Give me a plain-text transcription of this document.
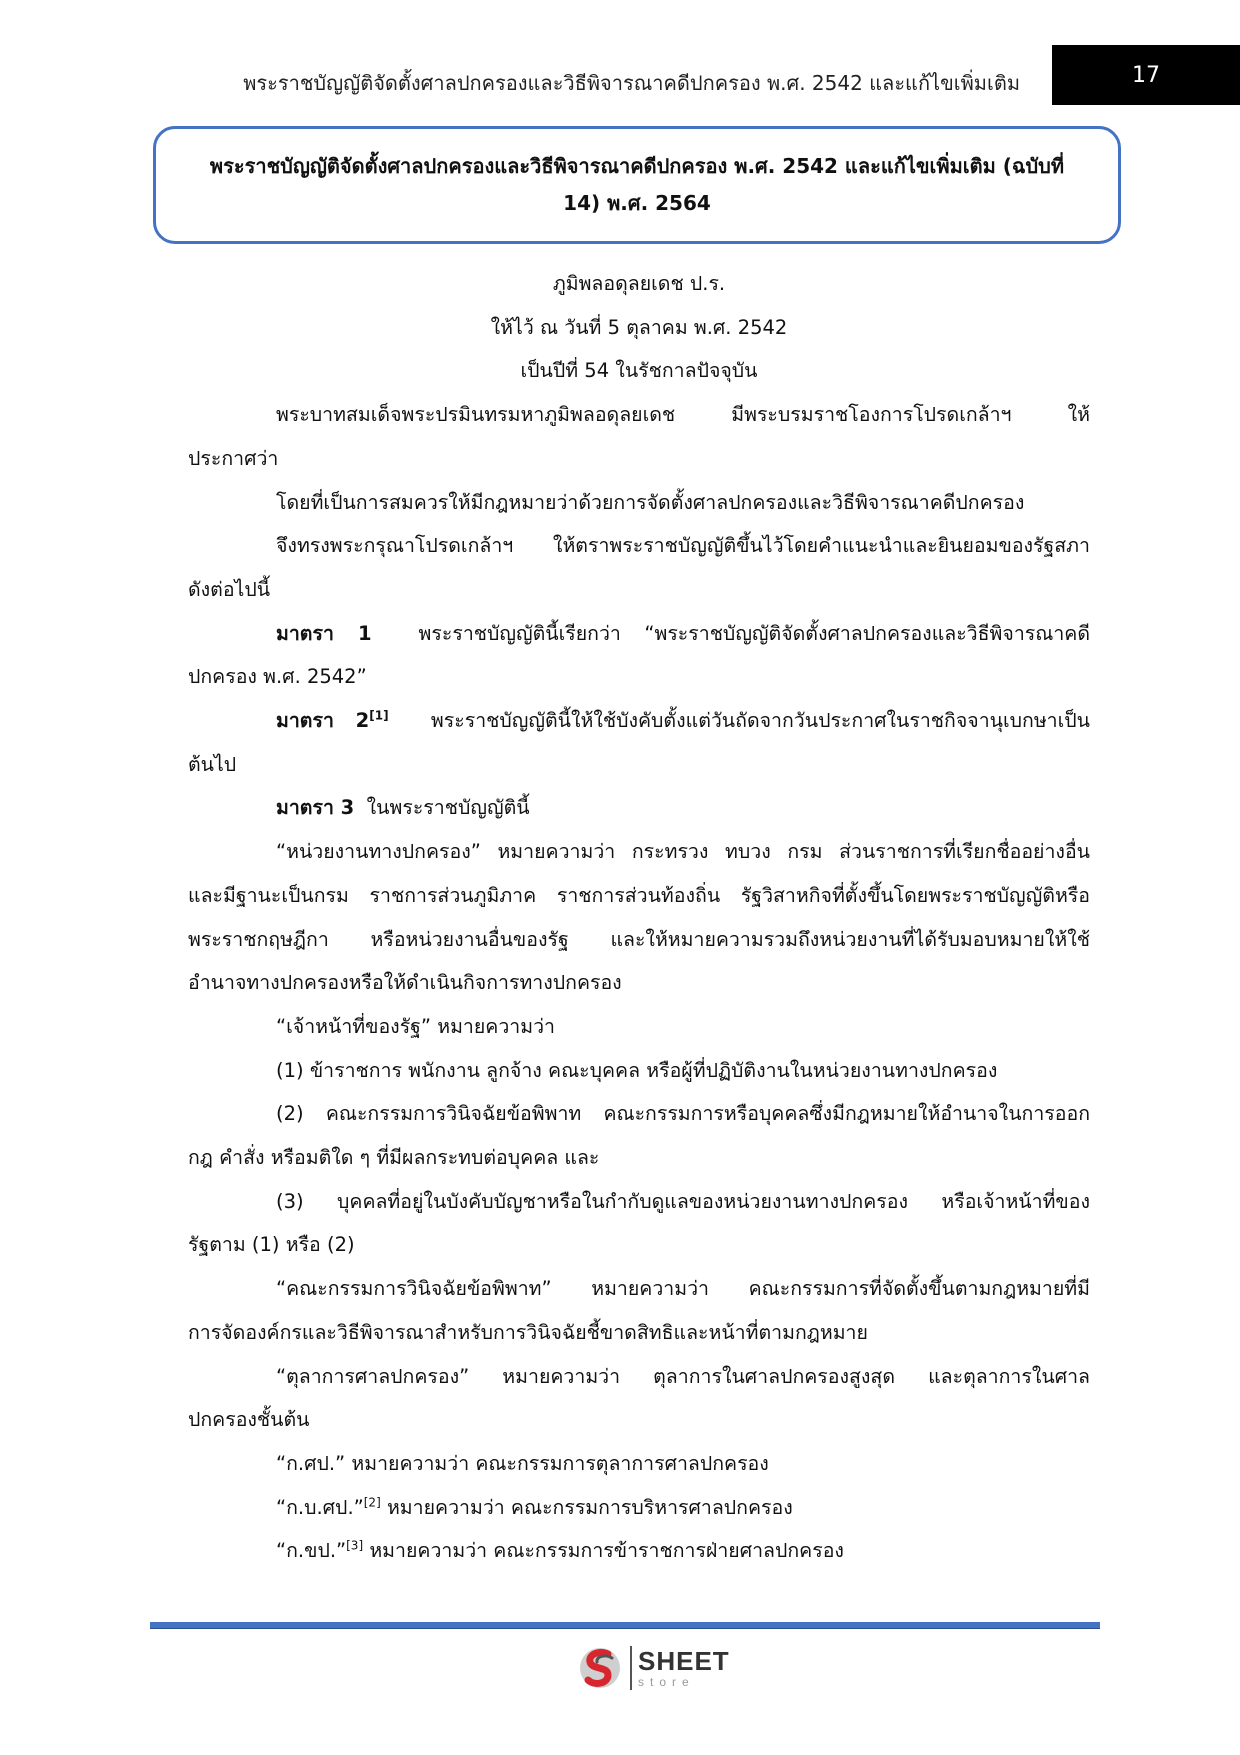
พระราชบัญญัติจัดตั้งศาลปกครองและวิธีพิจารณาคดีปกครอง พ.ศ. 2542 และแก้ไขเพิ่มเติม	17
พระราชบัญญัติจัดตั้งศาลปกครองและวิธีพิจารณาคดีปกครอง พ.ศ. 2542 และแก้ไขเพิ่มเติม (ฉบับที่
14) พ.ศ. 2564
ภูมิพลอดุลยเดช ป.ร.
ให้ไว้ ณ วันที่ 5 ตุลาคม พ.ศ. 2542
เป็นปีที่ 54 ในรัชกาลปัจจุบัน

พระบาทสมเด็จพระปรมินทรมหาภูมิพลอดุลยเดช มีพระบรมราชโองการโปรดเกล้าฯ ให้

ประกาศว่า

โดยที่เป็นการสมควรให้มีกฎหมายว่าด้วยการจัดตั้งศาลปกครองและวิธีพิจารณาคดีปกครอง

จึงทรงพระกรุณาโปรดเกล้าฯ ให้ตราพระราชบัญญัติขึ้นไว้โดยคำแนะนำและยินยอมของรัฐสภา

ดังต่อไปนี้

มาตรา 1 พระราชบัญญัตินี้เรียกว่า “พระราชบัญญัติจัดตั้งศาลปกครองและวิธีพิจารณาคดี

ปกครอง พ.ศ. 2542”

มาตรา 2[1] พระราชบัญญัตินี้ให้ใช้บังคับตั้งแต่วันถัดจากวันประกาศในราชกิจจานุเบกษาเป็น

ต้นไป

มาตรา 3 ในพระราชบัญญัตินี้

“หน่วยงานทางปกครอง” หมายความว่า กระทรวง ทบวง กรม ส่วนราชการที่เรียกชื่ออย่างอื่น

และมีฐานะเป็นกรม ราชการส่วนภูมิภาค ราชการส่วนท้องถิ่น รัฐวิสาหกิจที่ตั้งขึ้นโดยพระราชบัญญัติหรือ
พระราชกฤษฎีกา หรือหน่วยงานอื่นของรัฐ และให้หมายความรวมถึงหน่วยงานที่ได้รับมอบหมายให้ใช้
อำนาจทางปกครองหรือให้ดำเนินกิจการทางปกครอง

“เจ้าหน้าที่ของรัฐ” หมายความว่า

(1) ข้าราชการ พนักงาน ลูกจ้าง คณะบุคคล หรือผู้ที่ปฏิบัติงานในหน่วยงานทางปกครอง

(2) คณะกรรมการวินิจฉัยข้อพิพาท คณะกรรมการหรือบุคคลซึ่งมีกฎหมายให้อำนาจในการออก

กฎ คำสั่ง หรือมติใด ๆ ที่มีผลกระทบต่อบุคคล และ

(3) บุคคลที่อยู่ในบังคับบัญชาหรือในกำกับดูแลของหน่วยงานทางปกครอง หรือเจ้าหน้าที่ของ

รัฐตาม (1) หรือ (2)

“คณะกรรมการวินิจฉัยข้อพิพาท” หมายความว่า คณะกรรมการที่จัดตั้งขึ้นตามกฎหมายที่มี

การจัดองค์กรและวิธีพิจารณาสำหรับการวินิจฉัยชี้ขาดสิทธิและหน้าที่ตามกฎหมาย

“ตุลาการศาลปกครอง” หมายความว่า ตุลาการในศาลปกครองสูงสุด และตุลาการในศาล

ปกครองชั้นต้น

“ก.ศป.” หมายความว่า คณะกรรมการตุลาการศาลปกครอง

“ก.บ.ศป.”[2] หมายความว่า คณะกรรมการบริหารศาลปกครอง

“ก.ขป.”[3] หมายความว่า คณะกรรมการข้าราชการฝ่ายศาลปกครอง

SHEET
store
